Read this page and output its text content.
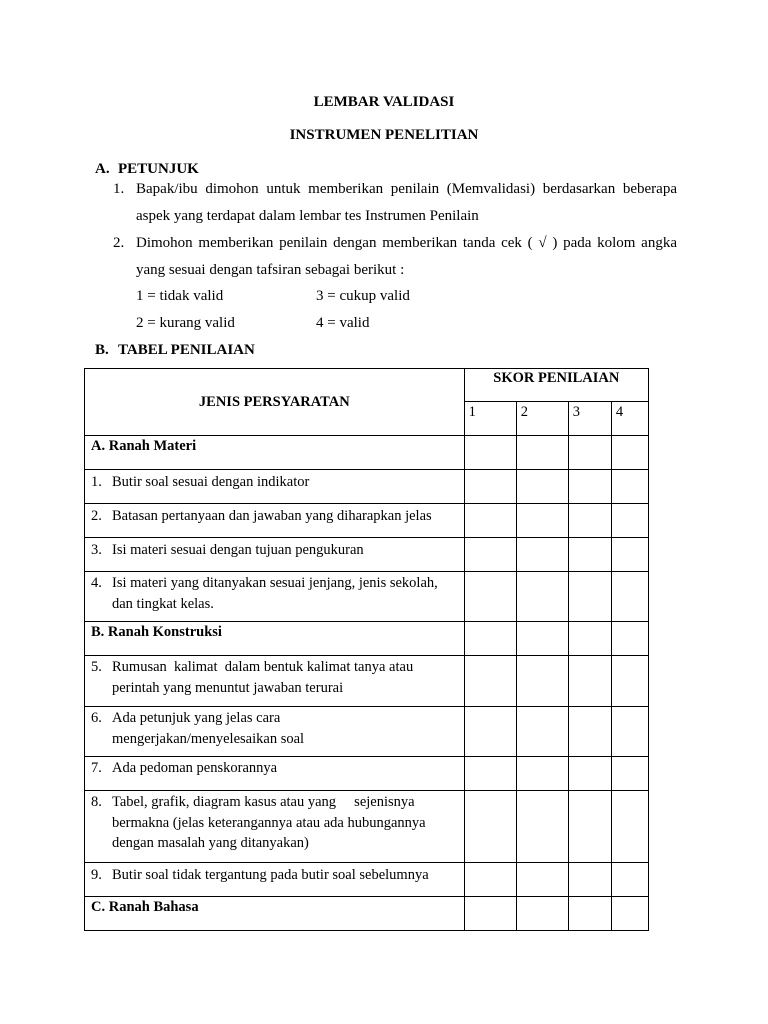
LEMBAR VALIDASI
INSTRUMEN PENELITIAN
A. PETUNJUK
1. Bapak/ibu dimohon untuk memberikan penilain (Memvalidasi) berdasarkan beberapa
aspek yang terdapat dalam lembar tes Instrumen Penilain
2. Dimohon memberikan penilain dengan memberikan tanda cek ( √ ) pada kolom angka
yang sesuai dengan tafsiran sebagai berikut :
1 = tidak valid	3 = cukup valid
2 = kurang valid	4 = valid
B. TABEL PENILAIAN
JENIS PERSYARATAN	SKOR PENILAIAN			
	1	2	3	4
A. Ranah Materi				

1. Butir soal sesuai dengan indikator				

2. Batasan pertanyaan dan jawaban yang diharapkan jelas				

3. Isi materi sesuai dengan tujuan pengukuran				

4. Isi materi yang ditanyakan sesuai jenjang, jenis sekolah, dan tingkat kelas.				

B. Ranah Konstruksi				

5. Rumusan  kalimat  dalam bentuk kalimat tanya atau perintah yang menuntut jawaban terurai				

6. Ada petunjuk yang jelas cara mengerjakan/menyelesaikan soal				

7. Ada pedoman penskorannya				

8. Tabel, grafik, diagram kasus atau yang     sejenisnya bermakna (jelas keterangannya atau ada hubungannya dengan masalah yang ditanyakan)				

9. Butir soal tidak tergantung pada butir soal sebelumnya				

C. Ranah Bahasa				
